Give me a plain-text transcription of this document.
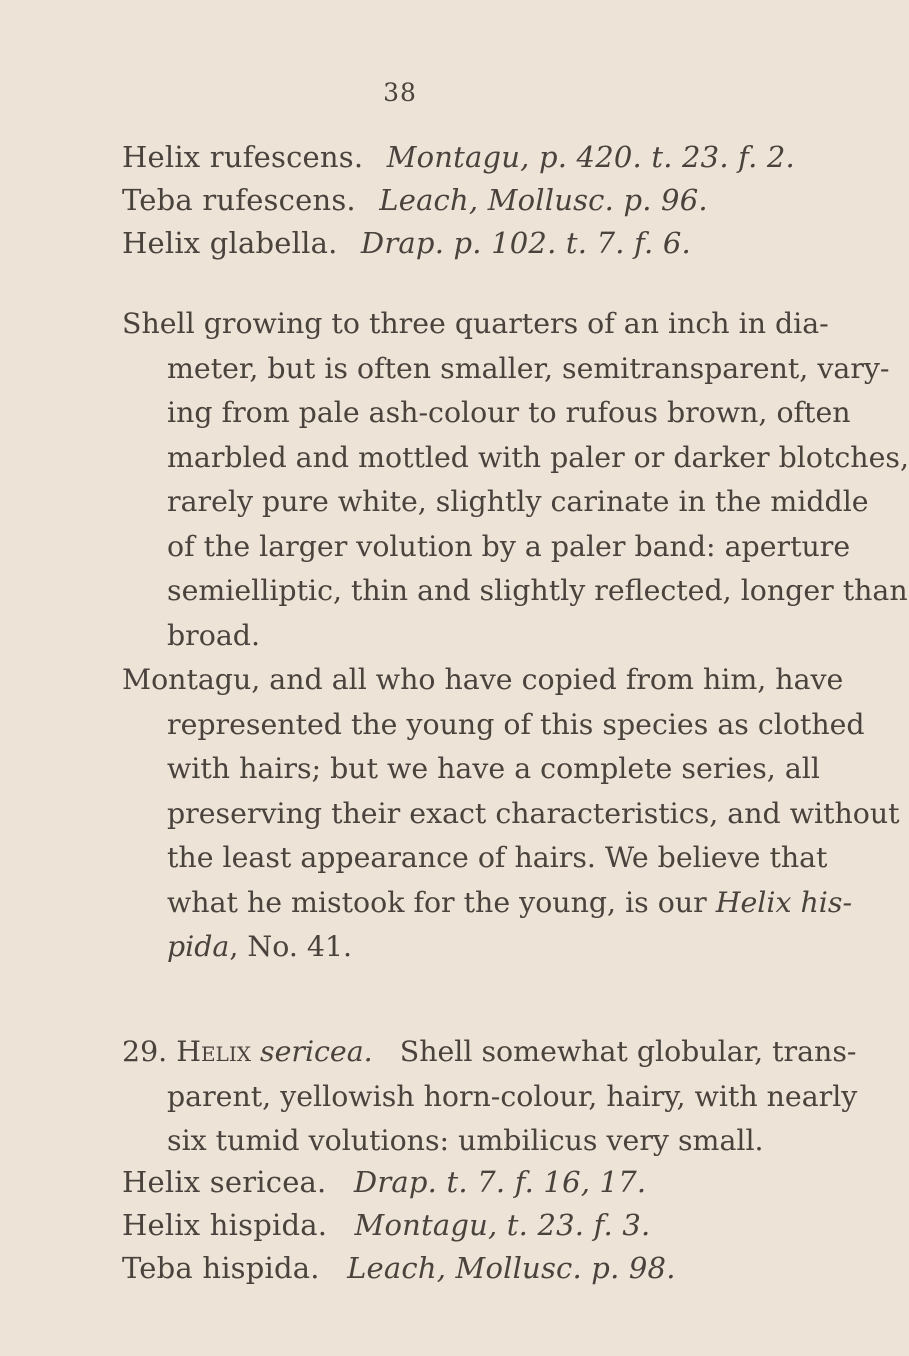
38
Helix rufescens. Montagu, p. 420. t. 23. f. 2.
Teba rufescens. Leach, Mollusc. p. 96.
Helix glabella. Drap. p. 102. t. 7. f. 6.
Shell growing to three quarters of an inch in dia-
meter, but is often smaller, semitransparent, vary-
ing from pale ash-colour to rufous brown, often
marbled and mottled with paler or darker blotches,
rarely pure white, slightly carinate in the middle
of the larger volution by a paler band: aperture
semielliptic, thin and slightly reflected, longer than
broad.
Montagu, and all who have copied from him, have
represented the young of this species as clothed
with hairs; but we have a complete series, all
preserving their exact characteristics, and without
the least appearance of hairs. We believe that
what he mistook for the young, is our Helix his-
pida, No. 41.
29. Helix sericea. Shell somewhat globular, trans-
parent, yellowish horn-colour, hairy, with nearly
six tumid volutions: umbilicus very small.
Helix sericea. Drap. t. 7. f. 16, 17.
Helix hispida. Montagu, t. 23. f. 3.
Teba hispida. Leach, Mollusc. p. 98.
